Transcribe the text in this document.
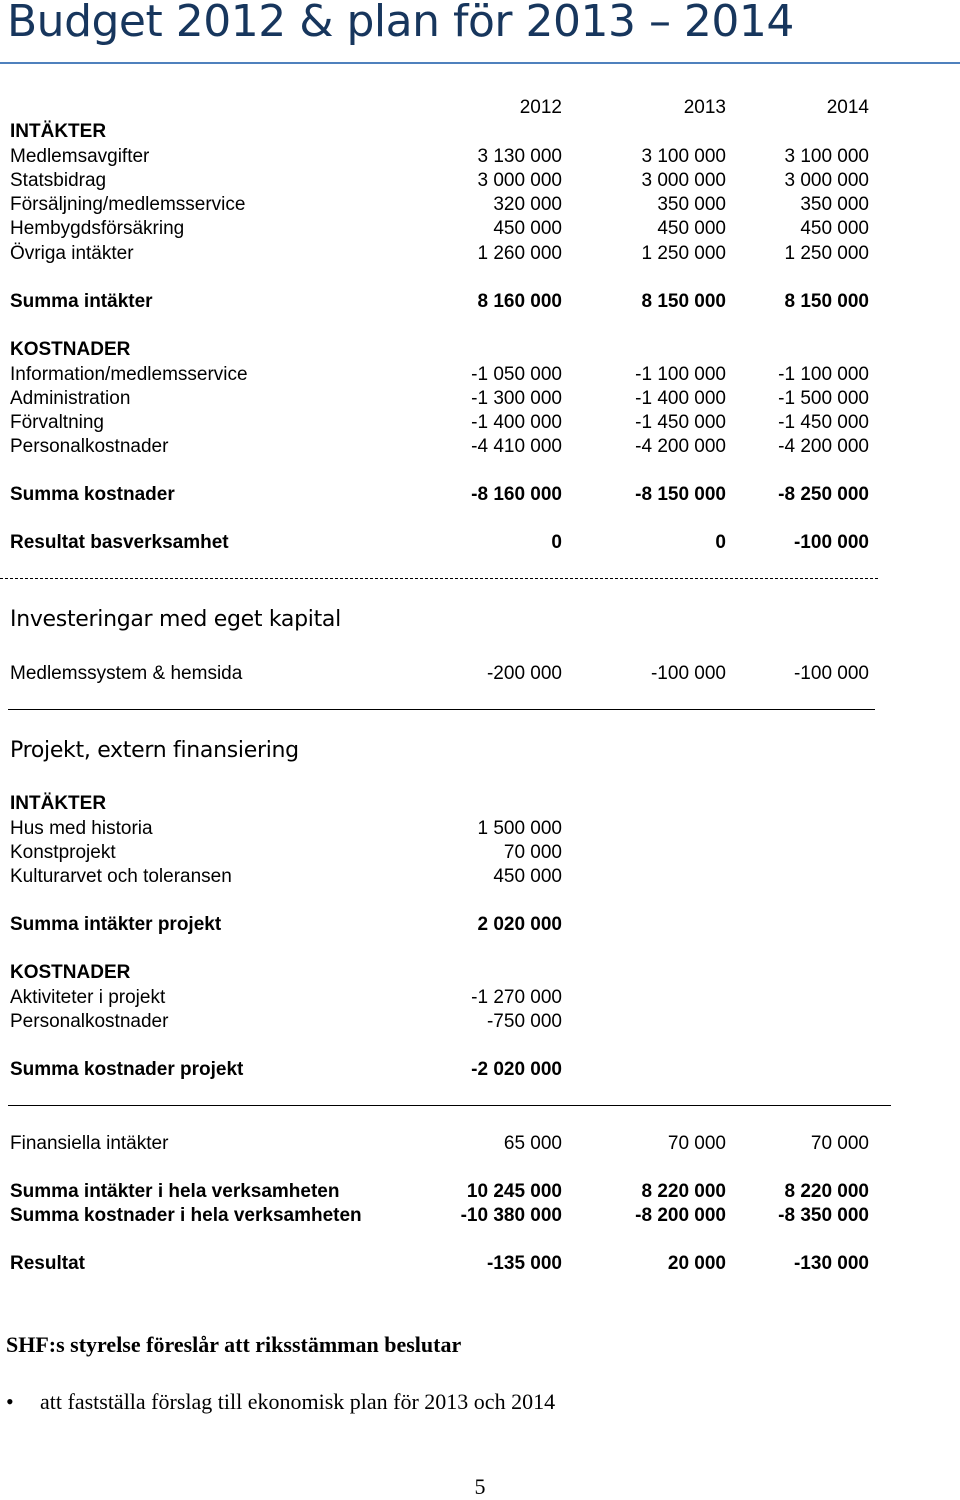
Budget 2012 & plan för 2013 – 2014
2012	2013	2014
INTÄKTER
Medlemsavgifter	3 130 000	3 100 000	3 100 000
Statsbidrag	3 000 000	3 000 000	3 000 000
Försäljning/medlemsservice	320 000	350 000	350 000
Hembygdsförsäkring	450 000	450 000	450 000
Övriga intäkter	1 260 000	1 250 000	1 250 000
Summa intäkter	8 160 000	8 150 000	8 150 000
KOSTNADER
Information/medlemsservice	-1 050 000	-1 100 000	-1 100 000
Administration	-1 300 000	-1 400 000	-1 500 000
Förvaltning	-1 400 000	-1 450 000	-1 450 000
Personalkostnader	-4 410 000	-4 200 000	-4 200 000
Summa kostnader	-8 160 000	-8 150 000	-8 250 000
Resultat basverksamhet	0	0	-100 000
Investeringar med eget kapital
Medlemssystem & hemsida	-200 000	-100 000	-100 000
Projekt, extern finansiering
INTÄKTER
Hus med historia	1 500 000
Konstprojekt	70 000
Kulturarvet och toleransen	450 000
Summa intäkter projekt	2 020 000
KOSTNADER
Aktiviteter i projekt	-1 270 000
Personalkostnader	-750 000
Summa kostnader projekt	-2 020 000
Finansiella intäkter	65 000	70 000	70 000
Summa intäkter i hela verksamheten	10 245 000	8 220 000	8 220 000
Summa kostnader i hela verksamheten	-10 380 000	-8 200 000	-8 350 000
Resultat	-135 000	20 000	-130 000
SHF:s styrelse föreslår att riksstämman beslutar
•	att fastställa förslag till ekonomisk plan för 2013 och 2014
5
